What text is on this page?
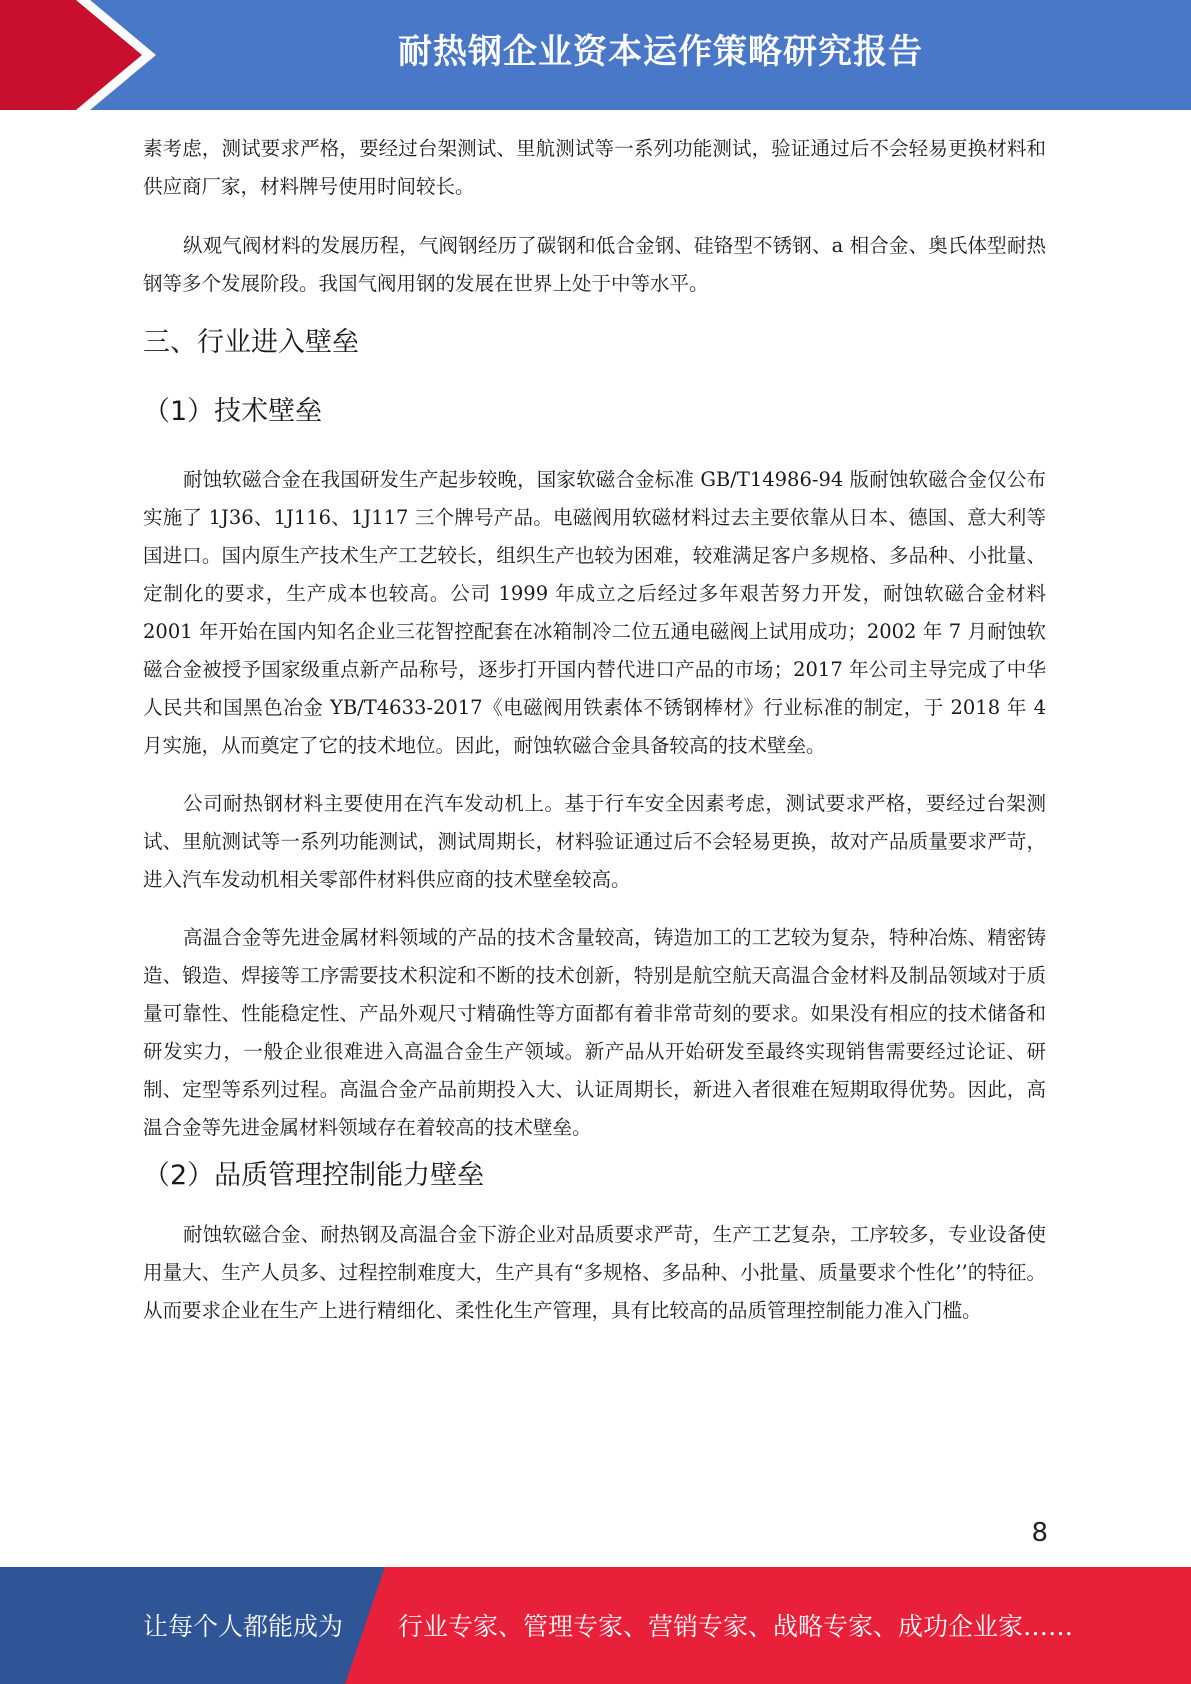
耐热钢企业资本运作策略研究报告

素考虑，测试要求严格，要经过台架测试、里航测试等一系列功能测试，验证通过后不会轻易更换材料和供应商厂家，材料牌号使用时间较长。

纵观气阀材料的发展历程，气阀钢经历了碳钢和低合金钢、硅铬型不锈钢、a 相合金、奥氏体型耐热钢等多个发展阶段。我国气阀用钢的发展在世界上处于中等水平。

三、行业进入壁垒
（1）技术壁垒

耐蚀软磁合金在我国研发生产起步较晚，国家软磁合金标准 GB/T14986-94 版耐蚀软磁合金仅公布实施了 1J36、1J116、1J117 三个牌号产品。电磁阀用软磁材料过去主要依靠从日本、德国、意大利等国进口。国内原生产技术生产工艺较长，组织生产也较为困难，较难满足客户多规格、多品种、小批量、定制化的要求，生产成本也较高。公司 1999 年成立之后经过多年艰苦努力开发，耐蚀软磁合金材料 2001 年开始在国内知名企业三花智控配套在冰箱制冷二位五通电磁阀上试用成功；2002 年 7 月耐蚀软磁合金被授予国家级重点新产品称号，逐步打开国内替代进口产品的市场；2017 年公司主导完成了中华人民共和国黑色冶金 YB/T4633-2017《电磁阀用铁素体不锈钢棒材》行业标准的制定，于 2018 年 4 月实施，从而奠定了它的技术地位。因此，耐蚀软磁合金具备较高的技术壁垒。

公司耐热钢材料主要使用在汽车发动机上。基于行车安全因素考虑，测试要求严格，要经过台架测试、里航测试等一系列功能测试，测试周期长，材料验证通过后不会轻易更换，故对产品质量要求严苛，进入汽车发动机相关零部件材料供应商的技术壁垒较高。

高温合金等先进金属材料领域的产品的技术含量较高，铸造加工的工艺较为复杂，特种冶炼、精密铸造、锻造、焊接等工序需要技术积淀和不断的技术创新，特别是航空航天高温合金材料及制品领域对于质量可靠性、性能稳定性、产品外观尺寸精确性等方面都有着非常苛刻的要求。如果没有相应的技术储备和研发实力，一般企业很难进入高温合金生产领域。新产品从开始研发至最终实现销售需要经过论证、研制、定型等系列过程。高温合金产品前期投入大、认证周期长，新进入者很难在短期取得优势。因此，高温合金等先进金属材料领域存在着较高的技术壁垒。

（2）品质管理控制能力壁垒

耐蚀软磁合金、耐热钢及高温合金下游企业对品质要求严苛，生产工艺复杂，工序较多，专业设备使用量大、生产人员多、过程控制难度大，生产具有“多规格、多品种、小批量、质量要求个性化’’的特征。从而要求企业在生产上进行精细化、柔性化生产管理，具有比较高的品质管理控制能力准入门槛。

8
让每个人都能成为 行业专家、管理专家、营销专家、战略专家、成功企业家……
